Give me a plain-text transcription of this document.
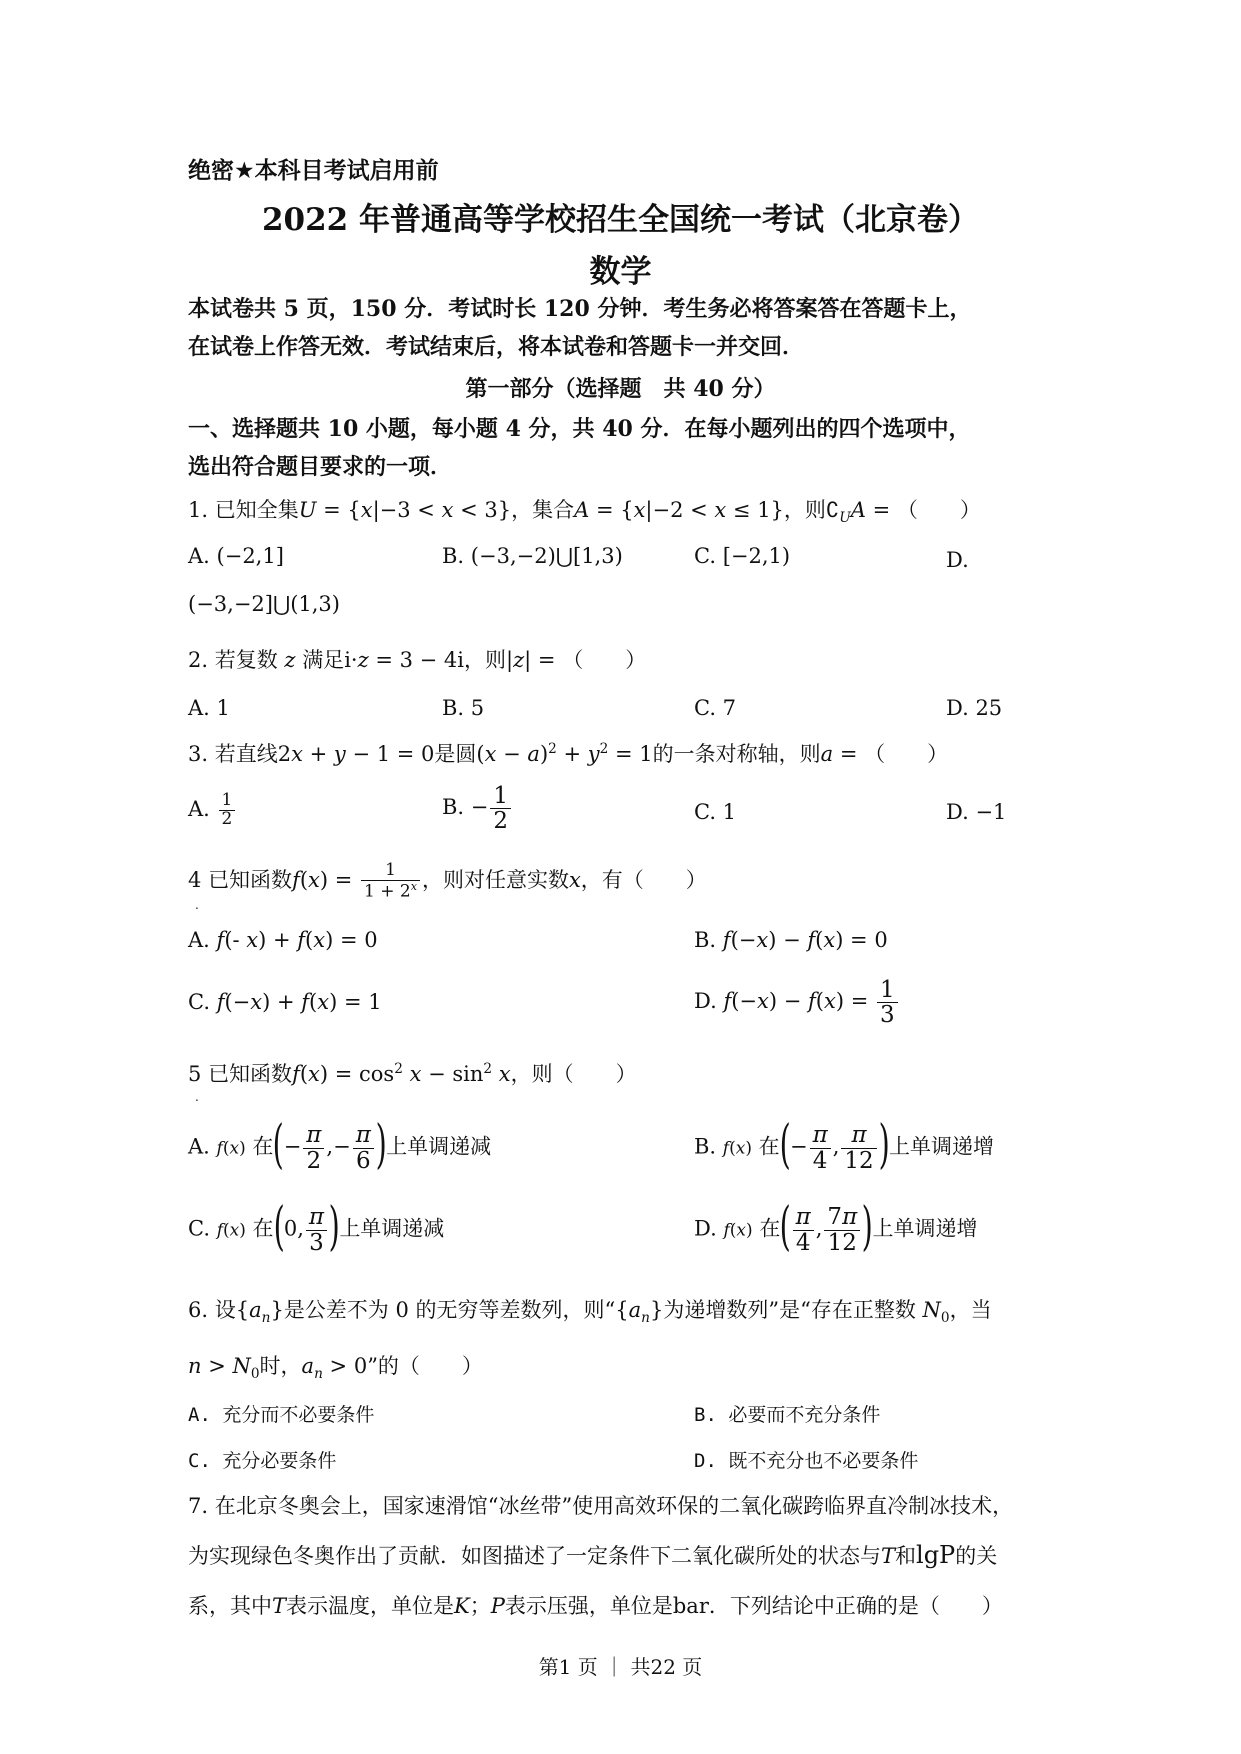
绝密★本科目考试启用前
2022 年普通高等学校招生全国统一考试（北京卷）
数学
本试卷共 5 页，150 分．考试时长 120 分钟．考生务必将答案答在答题卡上，
在试卷上作答无效．考试结束后，将本试卷和答题卡一并交回．
第一部分（选择题　共 40 分）
一、选择题共 10 小题，每小题 4 分，共 40 分．在每小题列出的四个选项中，
选出符合题目要求的一项．
1. 已知全集U = {x|−3 < x < 3}，集合A = {x|−2 < x ≤ 1}，则$∁_UA$ = （　　）
A. (−2,1]	B. (−3,−2)⋃[1,3)	C. [−2,1)	D.
(−3,−2]⋃(1,3)
2. 若复数 z 满足i·z = 3 − 4i，则|z| = （　　）
A. 1	B. 5	C. 7	D. 25
3. 若直线2x + y − 1 = 0是圆$(x - a)^2 + y^2 = 1$的一条对称轴，则a = （　　）
A. $\frac{1}{2}$	B. − $\frac{1}{2}$	C. 1	D. −1
4 已知函数$f(x) = \frac{1}{1 + 2^x}$ ，则对任意实数x，有（　　）
.
A. f(- x) + f(x) = 0	B. f(−x) − f(x) = 0
C. f(−x) + f(x) = 1	D. $f(-x) - f(x) = \frac{1}{3}$
5 已知函数$f(x) = \cos^2 x - \sin^2 x$，则（　　）
.
A. f(x) 在(− $\frac{\pi}{2}$ ,− $\frac{\pi}{6}$ )上单调递减	B. f(x) 在(− $\frac{\pi}{4}$ , $\frac{\pi}{12}$ )上单调递增
C. f(x) 在(0, $\frac{\pi}{3}$ )上单调递减	D. f(x) 在( $\frac{\pi}{4}$ , $\frac{7\pi}{12}$ )上单调递增
6. 设$\{a_n\}$是公差不为 0 的无穷等差数列，则“$\{a_n\}$为递增数列”是“存在正整数 $N_0$，当
$n > N_0$时，$a_n > 0$”的（　　）
A. 充分而不必要条件	B. 必要而不充分条件
C. 充分必要条件	D. 既不充分也不必要条件
7. 在北京冬奥会上，国家速滑馆“冰丝带”使用高效环保的二氧化碳跨临界直冷制冰技术，
为实现绿色冬奥作出了贡献．如图描述了一定条件下二氧化碳所处的状态与T和lgP的关
系，其中T表示温度，单位是K；P表示压强，单位是bar．下列结论中正确的是（　　）
第1 页 ｜ 共22 页
